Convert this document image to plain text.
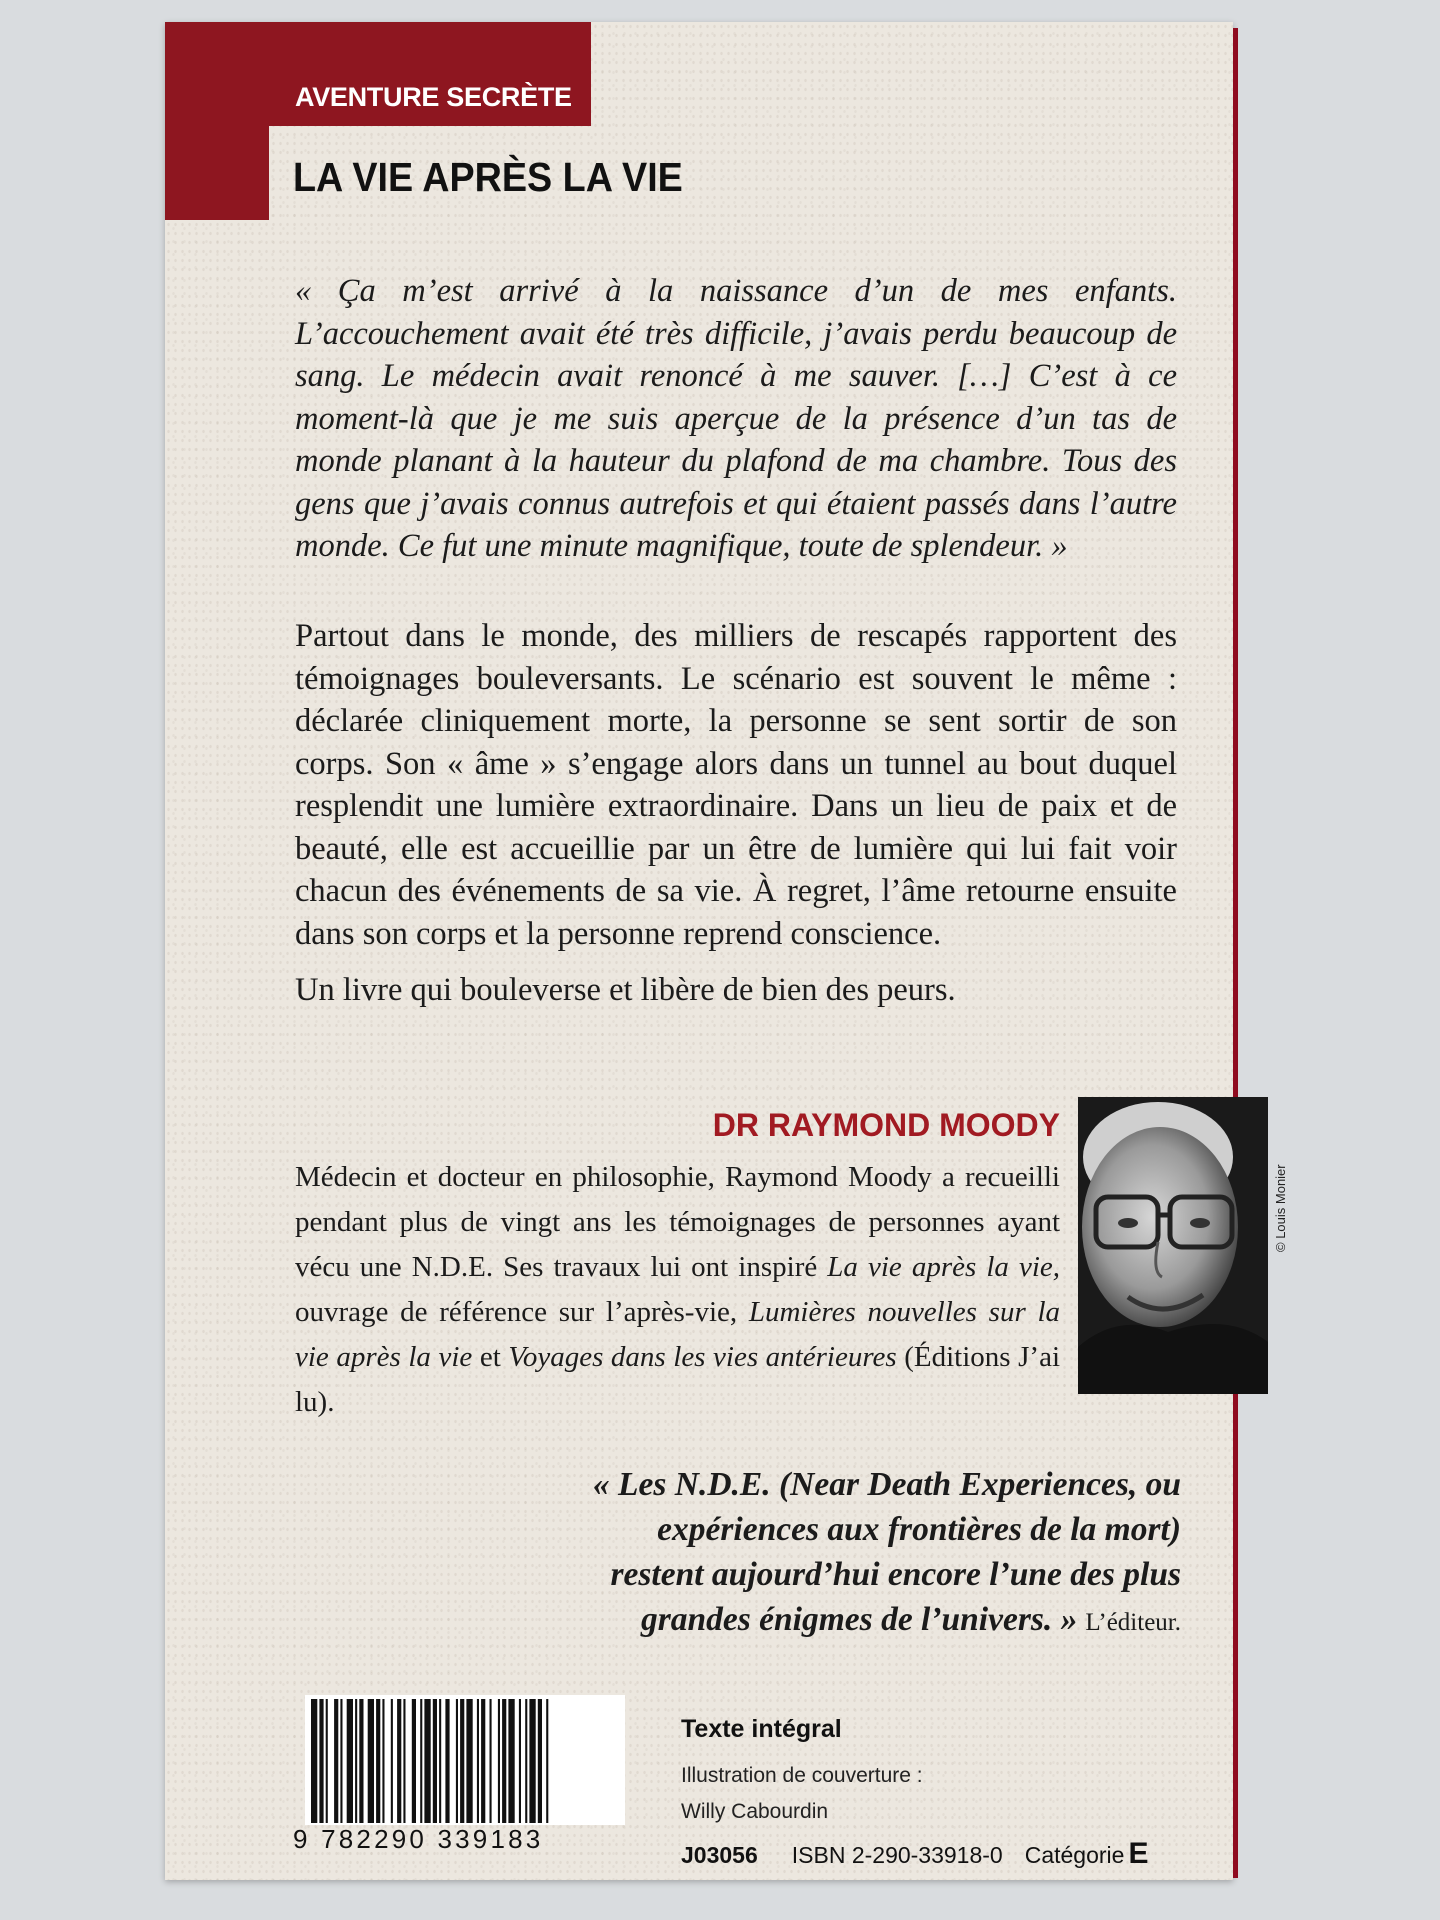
AVENTURE SECRÈTE
LA VIE APRÈS LA VIE

« Ça m’est arrivé à la naissance d’un de mes enfants. L’accouchement avait été très difficile, j’avais perdu beaucoup de sang. Le médecin avait renoncé à me sauver. […] C’est à ce moment-là que je me suis aperçue de la présence d’un tas de monde planant à la hauteur du plafond de ma chambre. Tous des gens que j’avais connus autrefois et qui étaient passés dans l’autre monde. Ce fut une minute magnifique, toute de splendeur. »

Partout dans le monde, des milliers de rescapés rapportent des témoignages bouleversants. Le scénario est souvent le même : déclarée cliniquement morte, la personne se sent sortir de son corps. Son « âme » s’engage alors dans un tunnel au bout duquel resplendit une lumière extraordinaire. Dans un lieu de paix et de beauté, elle est accueillie par un être de lumière qui lui fait voir chacun des événements de sa vie. À regret, l’âme retourne ensuite dans son corps et la personne reprend conscience.

Un livre qui bouleverse et libère de bien des peurs.

DR RAYMOND MOODY

Médecin et docteur en philosophie, Raymond Moody a recueilli pendant plus de vingt ans les témoignages de personnes ayant vécu une N.D.E. Ses travaux lui ont inspiré La vie après la vie, ouvrage de référence sur l’après-vie, Lumières nouvelles sur la vie après la vie et Voyages dans les vies antérieures (Éditions J’ai lu).

© Louis Monier
« Les N.D.E. (Near Death Experiences, ou
expériences aux frontières de la mort)
restent aujourd’hui encore l’une des plus
grandes énigmes de l’univers. » L’éditeur.
9 782290 339183
Texte intégral
Illustration de couverture :
Willy Cabourdin
J03056 ISBN 2-290-33918-0 Catégorie E
